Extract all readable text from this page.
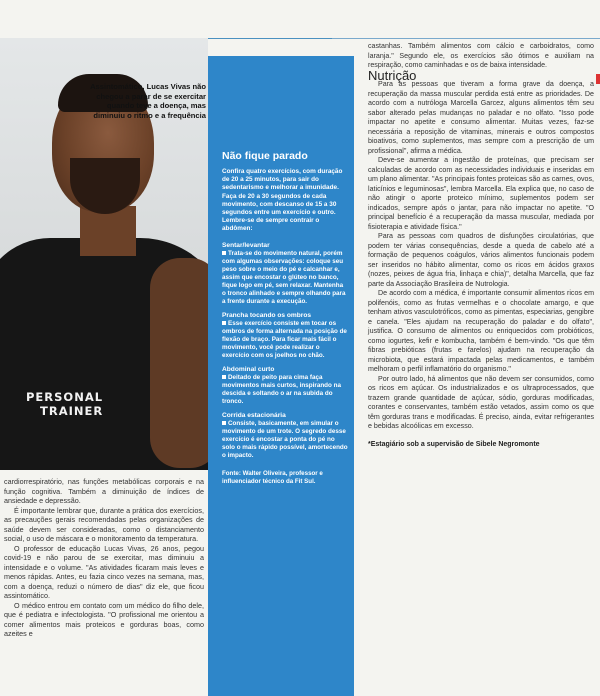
PERSONAL
TRAINER
Assintomático, Lucas Vivas não chegou a parar de se exercitar quando teve a doença, mas diminuiu o ritmo e a frequência
Não fique parado
Confira quatro exercícios, com duração de 20 a 25 minutos, para sair do sedentarismo e melhorar a imunidade. Faça de 20 a 30 segundos de cada movimento, com descanso de 15 a 30 segundos entre um exercício e outro. Lembre-se de sempre contrair o abdômen:
Sentar/levantar
Trata-se do movimento natural, porém com algumas observações: coloque seu peso sobre o meio do pé e calcanhar e, assim que encostar o glúteo no banco, fique logo em pé, sem relaxar. Mantenha o tronco alinhado e sempre olhando para a frente durante a execução.
Prancha tocando os ombros
Esse exercício consiste em tocar os ombros de forma alternada na posição de flexão de braço. Para ficar mais fácil o movimento, você pode realizar o exercício com os joelhos no chão.
Abdominal curto
Deitado de peito para cima faça movimentos mais curtos, inspirando na descida e soltando o ar na subida do tronco.
Corrida estacionária
Consiste, basicamente, em simular o movimento de um trote. O segredo desse exercício é encostar a ponta do pé no solo o mais rápido possível, amortecendo o impacto.
Fonte: Walter Oliveira, professor e influenciador técnico da Fit Sul.

cardiorrespiratório, nas funções metabólicas corporais e na função cognitiva. Também a diminuição de índices de ansiedade e depressão.

É importante lembrar que, durante a prática dos exercícios, as precauções gerais recomendadas pelas organizações de saúde devem ser consideradas, como o distanciamento social, o uso de máscara e o monitoramento da temperatura.

O professor de educação Lucas Vivas, 26 anos, pegou covid-19 e não parou de se exercitar, mas diminuiu a intensidade e o volume. "As atividades ficaram mais leves e menos rápidas. Antes, eu fazia cinco vezes na semana, mas, com a doença, reduzi o número de dias" diz ele, que ficou assintomático.

O médico entrou em contato com um médico do filho dele, que é pediatra e infectologista. "O profissional me orientou a comer alimentos mais proteicos e gorduras boas, como azeites e

castanhas. Também alimentos com cálcio e carboidratos, como laranja." Segundo ele, os exercícios são ótimos e auxiliam na respiração, como caminhadas e os de baixa intensidade.

Nutrição

Para as pessoas que tiveram a forma grave da doença, a recuperação da massa muscular perdida está entre as prioridades. De acordo com a nutróloga Marcella Garcez, alguns alimentos têm seu sabor alterado pelas mudanças no paladar e no olfato. "Isso pode impactar no apetite e consumo alimentar. Muitas vezes, faz-se necessária a reposição de vitaminas, minerais e outros compostos bioativos, como suplementos, mas sempre com a prescrição de um profissional", afirma a médica.

Deve-se aumentar a ingestão de proteínas, que precisam ser calculadas de acordo com as necessidades individuais e inseridas em um plano alimentar. "As principais fontes proteicas são as carnes, ovos, laticínios e leguminosas", lembra Marcella. Ela explica que, no caso de não atingir o aporte proteico mínimo, suplementos podem ser indicados, sempre após o jantar, para não impactar no apetite. "O principal benefício é a recuperação da massa muscular, mediada por fisioterapia e atividade física."

Para as pessoas com quadros de disfunções circulatórias, que podem ter várias consequências, desde a queda de cabelo até a formação de pequenos coágulos, vários alimentos funcionais podem ser inseridos no hábito alimentar, como os ricos em ácidos graxos (nozes, peixes de água fria, linhaça e chia)", detalha Marcella, que faz parte da Associação Brasileira de Nutrologia.

De acordo com a médica, é importante consumir alimentos ricos em polifenóis, como as frutas vermelhas e o chocolate amargo, e que tenham ativos vasculotróficos, como as pimentas, especiarias, gengibre e canela. "Eles ajudam na recuperação do paladar e do olfato", justifica. O consumo de alimentos ou enriquecidos com probióticos, como iogurtes, kefir e kombucha, também é bem-vindo. "Os que têm fibras prebióticas (frutas e farelos) ajudam na recuperação da microbiota, que estará impactada pelas medicamentos, e também melhoram o perfil inflamatório do organismo."

Por outro lado, há alimentos que não devem ser consumidos, como os ricos em açúcar. Os industrializados e os ultraprocessados, que trazem grande quantidade de açúcar, sódio, gorduras modificadas, corantes e conservantes, também estão vetados, assim como os que têm gorduras trans e modificadas. É preciso, ainda, evitar refrigerantes e bebidas alcoólicas em excesso.

*Estagiário sob a supervisão de Sibele Negromonte
